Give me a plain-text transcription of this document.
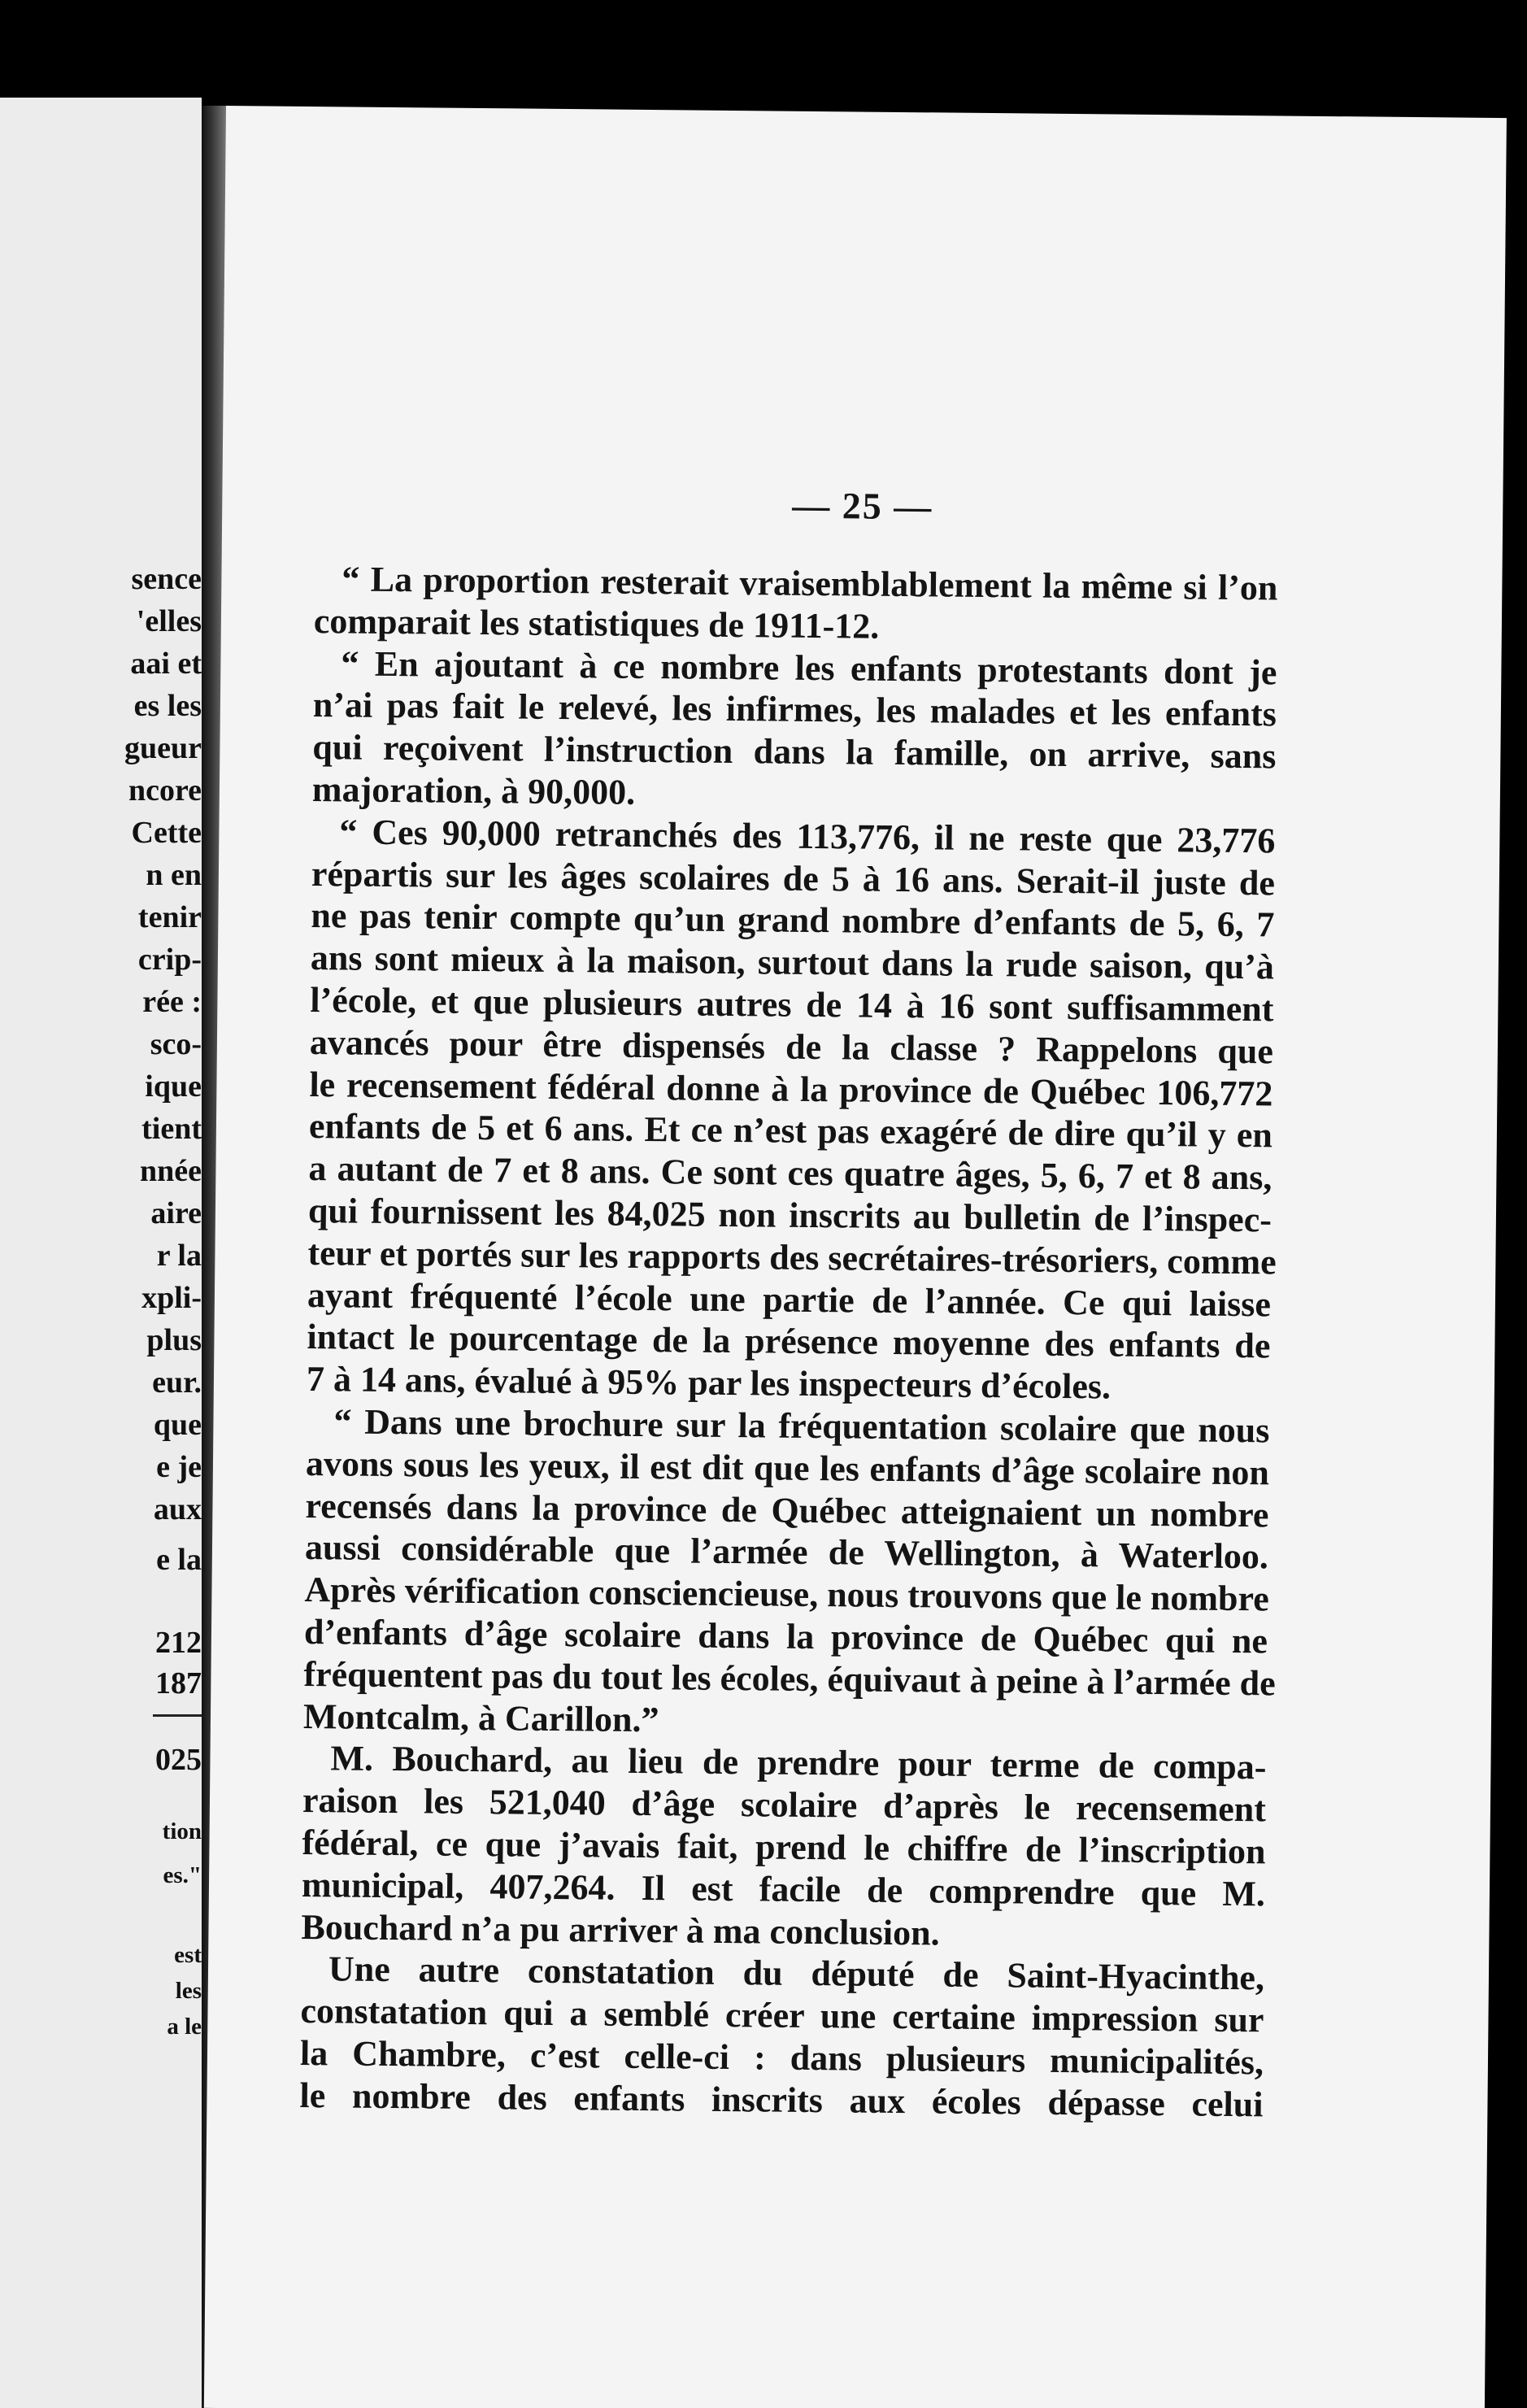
sence
'elles
aai et
es les
gueur
ncore
Cette
n en
tenir
crip-
rée :
sco-
ique
tient
nnée
aire
r la
xpli-
plus
eur.
que
e je
aux
e la
212
187
025
tion
es."
est
les
a le
— 25 —
“ La proportion resterait vraisemblablement la même si l’on
comparait les statistiques de 1911-12.
“ En ajoutant à ce nombre les enfants protestants dont je
n’ai pas fait le relevé, les infirmes, les malades et les enfants
qui reçoivent l’instruction dans la famille, on arrive, sans
majoration, à 90,000.
“ Ces 90,000 retranchés des 113,776, il ne reste que 23,776
répartis sur les âges scolaires de 5 à 16 ans. Serait-il juste de
ne pas tenir compte qu’un grand nombre d’enfants de 5, 6, 7
ans sont mieux à la maison, surtout dans la rude saison, qu’à
l’école, et que plusieurs autres de 14 à 16 sont suffisamment
avancés pour être dispensés de la classe ? Rappelons que
le recensement fédéral donne à la province de Québec 106,772
enfants de 5 et 6 ans. Et ce n’est pas exagéré de dire qu’il y en
a autant de 7 et 8 ans. Ce sont ces quatre âges, 5, 6, 7 et 8 ans,
qui fournissent les 84,025 non inscrits au bulletin de l’inspec-
teur et portés sur les rapports des secrétaires-trésoriers, comme
ayant fréquenté l’école une partie de l’année. Ce qui laisse
intact le pourcentage de la présence moyenne des enfants de
7 à 14 ans, évalué à 95% par les inspecteurs d’écoles.
“ Dans une brochure sur la fréquentation scolaire que nous
avons sous les yeux, il est dit que les enfants d’âge scolaire non
recensés dans la province de Québec atteignaient un nombre
aussi considérable que l’armée de Wellington, à Waterloo.
Après vérification consciencieuse, nous trouvons que le nombre
d’enfants d’âge scolaire dans la province de Québec qui ne
fréquentent pas du tout les écoles, équivaut à peine à l’armée de
Montcalm, à Carillon.”
M. Bouchard, au lieu de prendre pour terme de compa-
raison les 521,040 d’âge scolaire d’après le recensement
fédéral, ce que j’avais fait, prend le chiffre de l’inscription
municipal, 407,264. Il est facile de comprendre que M.
Bouchard n’a pu arriver à ma conclusion.
Une autre constatation du député de Saint-Hyacinthe,
constatation qui a semblé créer une certaine impression sur
la Chambre, c’est celle-ci : dans plusieurs municipalités,
le nombre des enfants inscrits aux écoles dépasse celui
